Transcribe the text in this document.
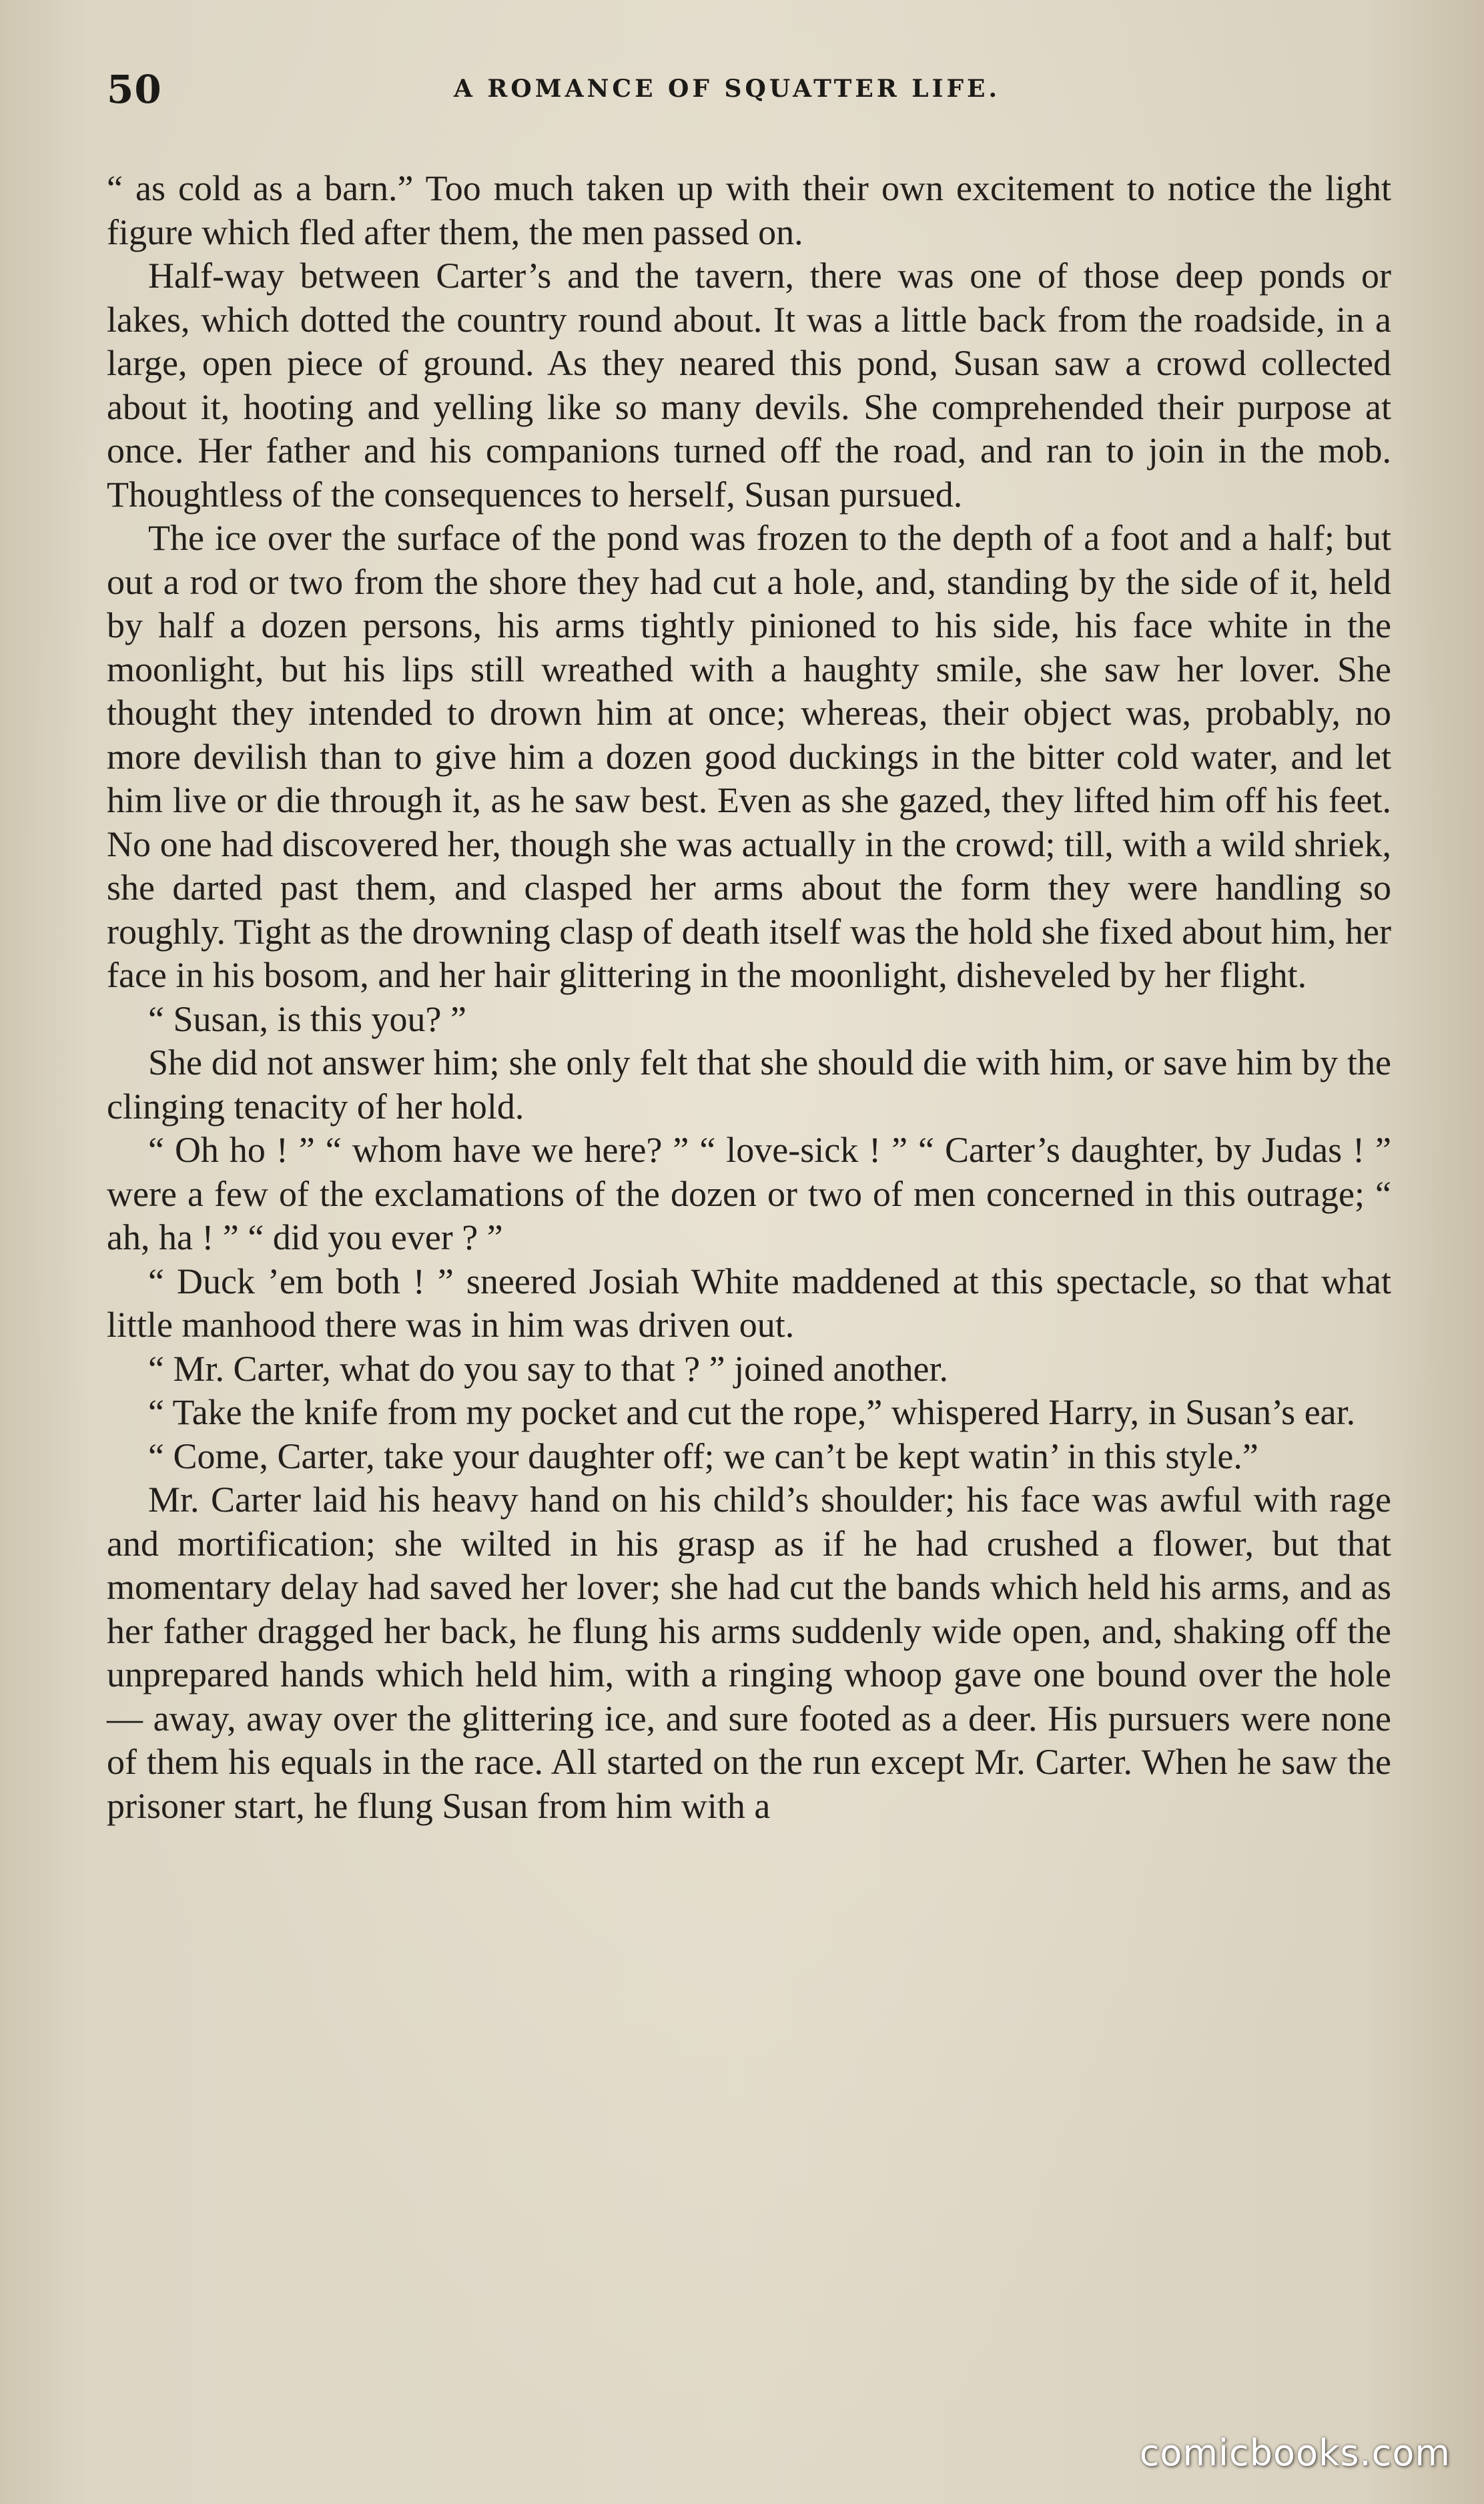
50	A ROMANCE OF SQUATTER LIFE.

“ as cold as a barn.” Too much taken up with their own excitement to notice the light figure which fled after them, the men passed on.

Half-way between Carter’s and the tavern, there was one of those deep ponds or lakes, which dotted the country round about. It was a little back from the roadside, in a large, open piece of ground. As they neared this pond, Susan saw a crowd collected about it, hooting and yelling like so many devils. She comprehended their purpose at once. Her father and his companions turned off the road, and ran to join in the mob. Thoughtless of the consequences to herself, Susan pursued.

The ice over the surface of the pond was frozen to the depth of a foot and a half; but out a rod or two from the shore they had cut a hole, and, standing by the side of it, held by half a dozen persons, his arms tightly pinioned to his side, his face white in the moonlight, but his lips still wreathed with a haughty smile, she saw her lover. She thought they intended to drown him at once; whereas, their object was, probably, no more devilish than to give him a dozen good duckings in the bitter cold water, and let him live or die through it, as he saw best. Even as she gazed, they lifted him off his feet. No one had discovered her, though she was actually in the crowd; till, with a wild shriek, she darted past them, and clasped her arms about the form they were handling so roughly. Tight as the drowning clasp of death itself was the hold she fixed about him, her face in his bosom, and her hair glittering in the moonlight, disheveled by her flight.

“ Susan, is this you? ”

She did not answer him; she only felt that she should die with him, or save him by the clinging tenacity of her hold.

“ Oh ho ! ” “ whom have we here? ” “ love-sick ! ” “ Carter’s daughter, by Judas ! ” were a few of the exclamations of the dozen or two of men concerned in this outrage; “ ah, ha ! ” “ did you ever ? ”

“ Duck ’em both ! ” sneered Josiah White maddened at this spectacle, so that what little manhood there was in him was driven out.

“ Mr. Carter, what do you say to that ? ” joined another.

“ Take the knife from my pocket and cut the rope,” whispered Harry, in Susan’s ear.

“ Come, Carter, take your daughter off; we can’t be kept watin’ in this style.”

Mr. Carter laid his heavy hand on his child’s shoulder; his face was awful with rage and mortification; she wilted in his grasp as if he had crushed a flower, but that momentary delay had saved her lover; she had cut the bands which held his arms, and as her father dragged her back, he flung his arms suddenly wide open, and, shaking off the unprepared hands which held him, with a ringing whoop gave one bound over the hole — away, away over the glittering ice, and sure footed as a deer. His pursuers were none of them his equals in the race. All started on the run except Mr. Carter. When he saw the prisoner start, he flung Susan from him with a

comicbooks.com
